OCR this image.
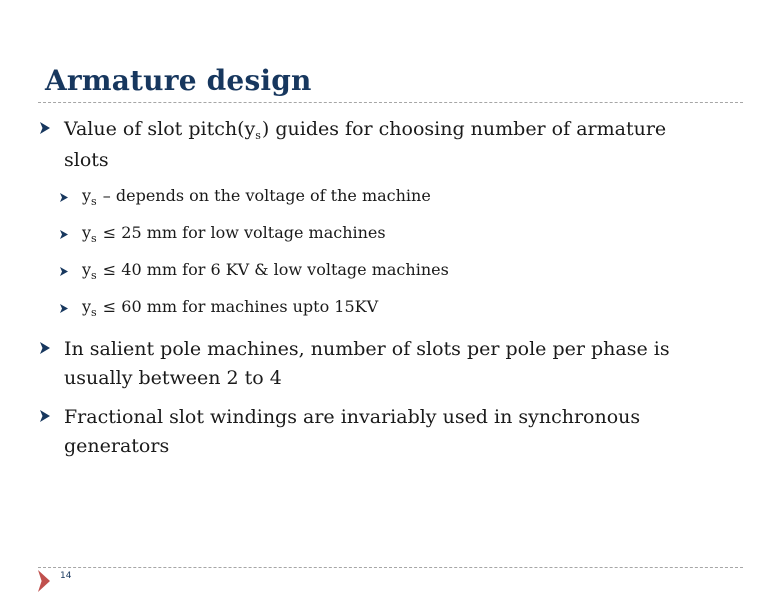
Armature design
Value of slot $pitch(y_s)$ guides for choosing number of armature
slots
$y_s$ – depends on the voltage of the machine
$y_s \le 25$ mm for low voltage machines
$y_s \le 40$ mm for 6 KV & low voltage machines
$y_s \le 60$ mm for machines upto 15KV
In salient pole machines, number of slots per pole per phase is
usually between 2 to 4
Fractional slot windings are invariably used in synchronous
generators
14
